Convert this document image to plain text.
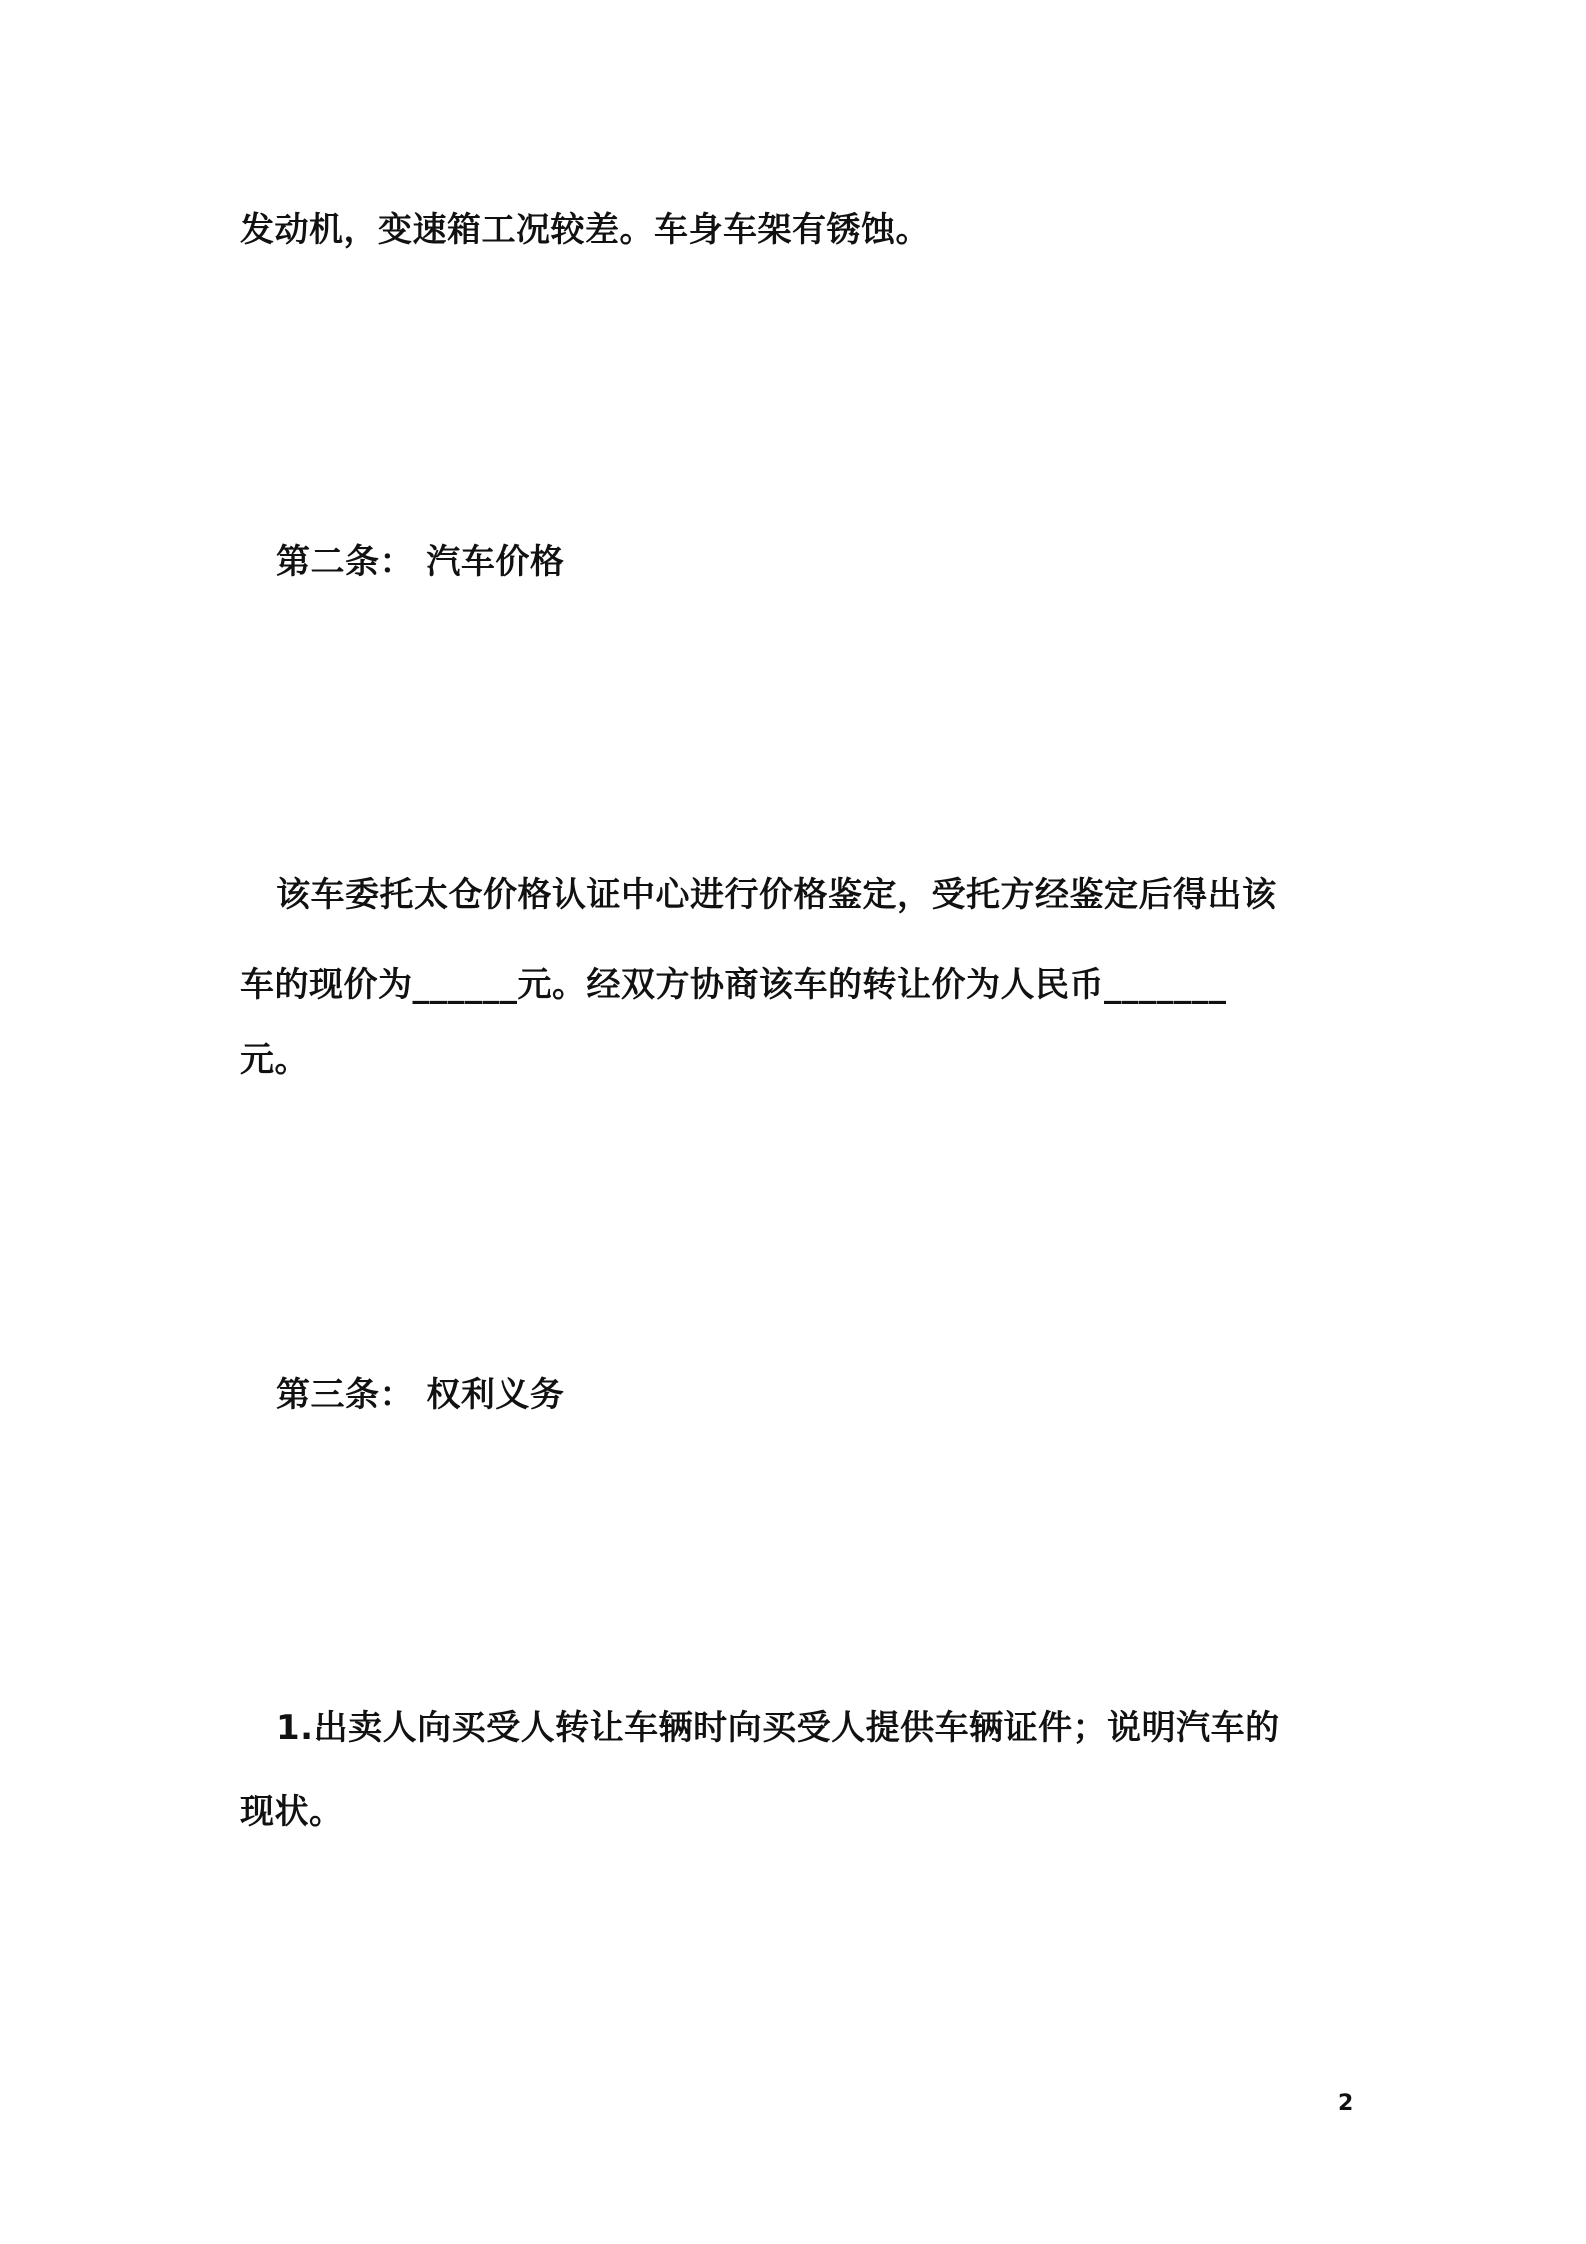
发动机，变速箱工况较差。车身车架有锈蚀。
第二条： 汽车价格
该车委托太仓价格认证中心进行价格鉴定，受托方经鉴定后得出该
车的现价为______元。经双方协商该车的转让价为人民币_______
元。
第三条： 权利义务
1.出卖人向买受人转让车辆时向买受人提供车辆证件；说明汽车的
现状。
2
